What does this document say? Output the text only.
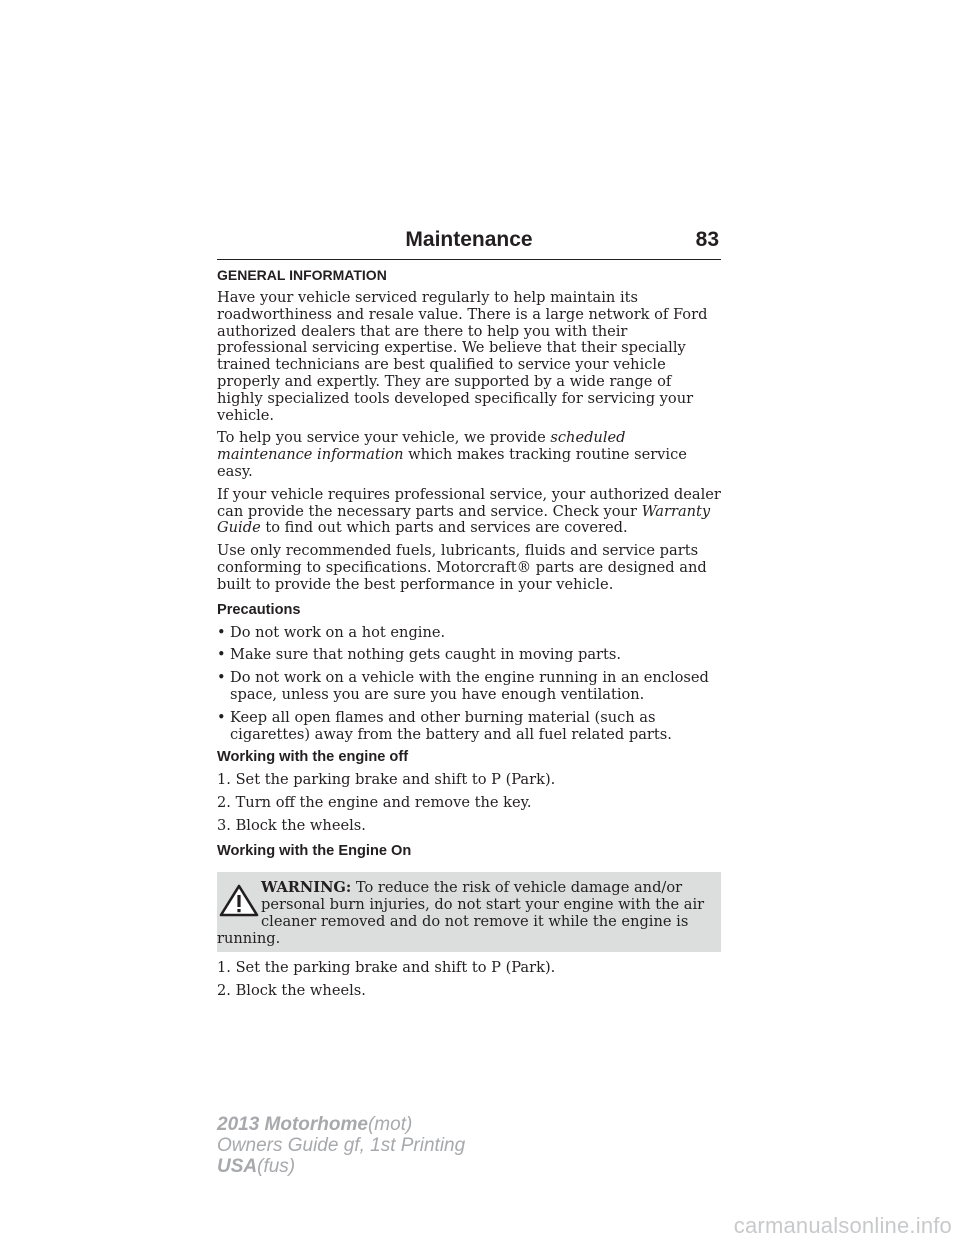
Maintenance	83
GENERAL INFORMATION

Have your vehicle serviced regularly to help maintain its roadworthiness and resale value. There is a large network of Ford authorized dealers that are there to help you with their professional servicing expertise. We believe that their specially trained technicians are best qualified to service your vehicle properly and expertly. They are supported by a wide range of highly specialized tools developed specifically for servicing your vehicle.

To help you service your vehicle, we provide scheduled maintenance information which makes tracking routine service easy.

If your vehicle requires professional service, your authorized dealer can provide the necessary parts and service. Check your Warranty Guide to find out which parts and services are covered.

Use only recommended fuels, lubricants, fluids and service parts conforming to specifications. Motorcraft® parts are designed and built to provide the best performance in your vehicle.

Precautions
• Do not work on a hot engine.
• Make sure that nothing gets caught in moving parts.
• Do not work on a vehicle with the engine running in an enclosed space, unless you are sure you have enough ventilation.
• Keep all open flames and other burning material (such as cigarettes) away from the battery and all fuel related parts.
Working with the engine off

1. Set the parking brake and shift to P (Park).

2. Turn off the engine and remove the key.

3. Block the wheels.

Working with the Engine On
WARNING: To reduce the risk of vehicle damage and/or personal burn injuries, do not start your engine with the air cleaner removed and do not remove it while the engine is running.

1. Set the parking brake and shift to P (Park).

2. Block the wheels.

2013 Motorhome(mot)
Owners Guide gf, 1st Printing
USA(fus)
carmanualsonline.info
